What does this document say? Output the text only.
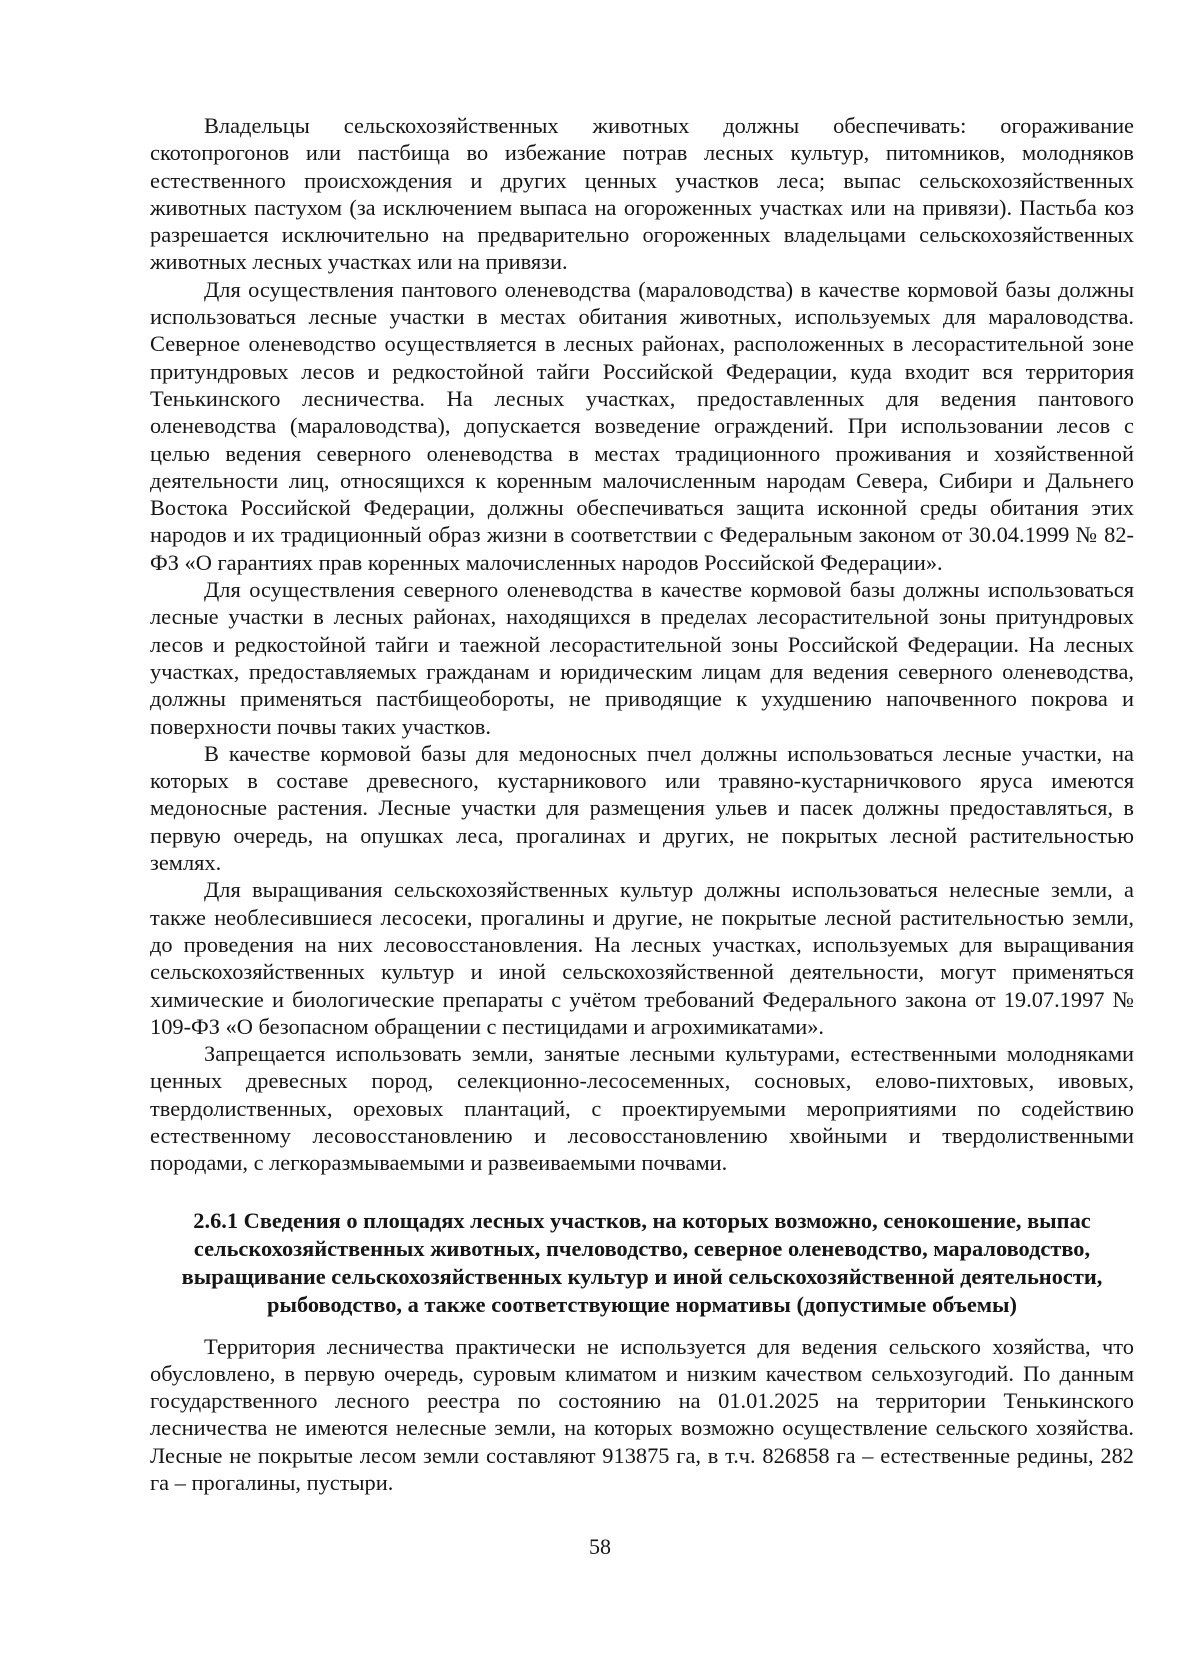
Владельцы сельскохозяйственных животных должны обеспечивать: огораживание скотопрогонов или пастбища во избежание потрав лесных культур, питомников, молодняков естественного происхождения и других ценных участков леса; выпас сельскохозяйственных животных пастухом (за исключением выпаса на огороженных участках или на привязи). Пастьба коз разрешается исключительно на предварительно огороженных владельцами сельскохозяйственных животных лесных участках или на привязи.

Для осуществления пантового оленеводства (мараловодства) в качестве кормовой базы должны использоваться лесные участки в местах обитания животных, используемых для мараловодства. Северное оленеводство осуществляется в лесных районах, расположенных в лесорастительной зоне притундровых лесов и редкостойной тайги Российской Федерации, куда входит вся территория Тенькинского лесничества. На лесных участках, предоставленных для ведения пантового оленеводства (мараловодства), допускается возведение ограждений. При использовании лесов с целью ведения северного оленеводства в местах традиционного проживания и хозяйственной деятельности лиц, относящихся к коренным малочисленным народам Севера, Сибири и Дальнего Востока Российской Федерации, должны обеспечиваться защита исконной среды обитания этих народов и их традиционный образ жизни в соответствии с Федеральным законом от 30.04.1999 № 82-ФЗ «О гарантиях прав коренных малочисленных народов Российской Федерации».

Для осуществления северного оленеводства в качестве кормовой базы должны использоваться лесные участки в лесных районах, находящихся в пределах лесорастительной зоны притундровых лесов и редкостойной тайги и таежной лесорастительной зоны Российской Федерации. На лесных участках, предоставляемых гражданам и юридическим лицам для ведения северного оленеводства, должны применяться пастбищеобороты, не приводящие к ухудшению напочвенного покрова и поверхности почвы таких участков.

В качестве кормовой базы для медоносных пчел должны использоваться лесные участки, на которых в составе древесного, кустарникового или травяно-кустарничкового яруса имеются медоносные растения. Лесные участки для размещения ульев и пасек должны предоставляться, в первую очередь, на опушках леса, прогалинах и других, не покрытых лесной растительностью землях.

Для выращивания сельскохозяйственных культур должны использоваться нелесные земли, а также необлесившиеся лесосеки, прогалины и другие, не покрытые лесной растительностью земли, до проведения на них лесовосстановления. На лесных участках, используемых для выращивания сельскохозяйственных культур и иной сельскохозяйственной деятельности, могут применяться химические и биологические препараты с учётом требований Федерального закона от 19.07.1997 № 109-ФЗ «О безопасном обращении с пестицидами и агрохимикатами».

Запрещается использовать земли, занятые лесными культурами, естественными молодняками ценных древесных пород, селекционно-лесосеменных, сосновых, елово-пихтовых, ивовых, твердолиственных, ореховых плантаций, с проектируемыми мероприятиями по содействию естественному лесовосстановлению и лесовосстановлению хвойными и твердолиственными породами, с легкоразмываемыми и развеиваемыми почвами.

2.6.1 Сведения о площадях лесных участков, на которых возможно, сенокошение, выпас сельскохозяйственных животных, пчеловодство, северное оленеводство, мараловодство, выращивание сельскохозяйственных культур и иной сельскохозяйственной деятельности, рыбоводство, а также соответствующие нормативы (допустимые объемы)

Территория лесничества практически не используется для ведения сельского хозяйства, что обусловлено, в первую очередь, суровым климатом и низким качеством сельхозугодий. По данным государственного лесного реестра по состоянию на 01.01.2025 на территории Тенькинского лесничества не имеются нелесные земли, на которых возможно осуществление сельского хозяйства. Лесные не покрытые лесом земли составляют 913875 га, в т.ч. 826858 га – естественные редины, 282 га – прогалины, пустыри.

58
